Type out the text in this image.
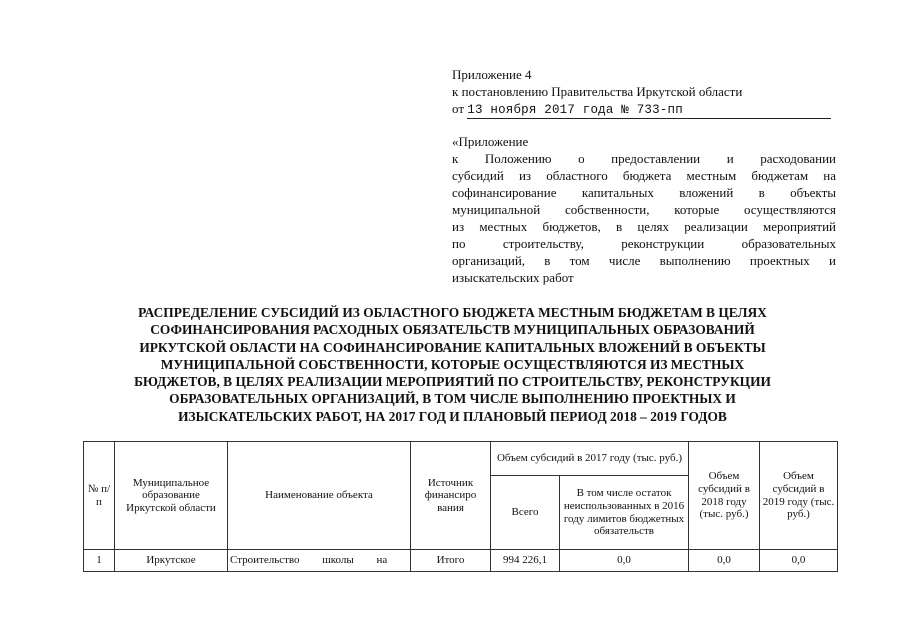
Приложение 4
к постановлению Правительства Иркутской области
от 13 ноября 2017 года № 733-пп
«Приложение
к Положению о предоставлении и расходовании
субсидий из областного бюджета местным бюджетам на
софинансирование капитальных вложений в объекты
муниципальной собственности, которые осуществляются
из местных бюджетов, в целях реализации мероприятий
по строительству, реконструкции образовательных
организаций, в том числе выполнению проектных и
изыскательских работ
РАСПРЕДЕЛЕНИЕ СУБСИДИЙ ИЗ ОБЛАСТНОГО БЮДЖЕТА МЕСТНЫМ БЮДЖЕТАМ В ЦЕЛЯХ
СОФИНАНСИРОВАНИЯ РАСХОДНЫХ ОБЯЗАТЕЛЬСТВ МУНИЦИПАЛЬНЫХ ОБРАЗОВАНИЙ
ИРКУТСКОЙ ОБЛАСТИ НА СОФИНАНСИРОВАНИЕ КАПИТАЛЬНЫХ ВЛОЖЕНИЙ В ОБЪЕКТЫ
МУНИЦИПАЛЬНОЙ СОБСТВЕННОСТИ, КОТОРЫЕ ОСУЩЕСТВЛЯЮТСЯ ИЗ МЕСТНЫХ
БЮДЖЕТОВ, В ЦЕЛЯХ РЕАЛИЗАЦИИ МЕРОПРИЯТИЙ ПО СТРОИТЕЛЬСТВУ, РЕКОНСТРУКЦИИ
ОБРАЗОВАТЕЛЬНЫХ ОРГАНИЗАЦИЙ, В ТОМ ЧИСЛЕ ВЫПОЛНЕНИЮ ПРОЕКТНЫХ И
ИЗЫСКАТЕЛЬСКИХ РАБОТ, НА 2017 ГОД И ПЛАНОВЫЙ ПЕРИОД 2018 – 2019 ГОДОВ
№ п/п	Муниципальное образование Иркутской области	Наименование объекта	Источник финансиро вания	Объем субсидий в 2017 году (тыс. руб.)		Объем субсидий в 2018 году (тыс. руб.)	Объем субсидий в 2019 году (тыс. руб.)
				Всего	В том числе остаток неиспользованных в 2016 году лимитов бюджетных обязательств		
1	Иркутское	Строительство школы на	Итого	994 226,1	0,0	0,0	0,0
